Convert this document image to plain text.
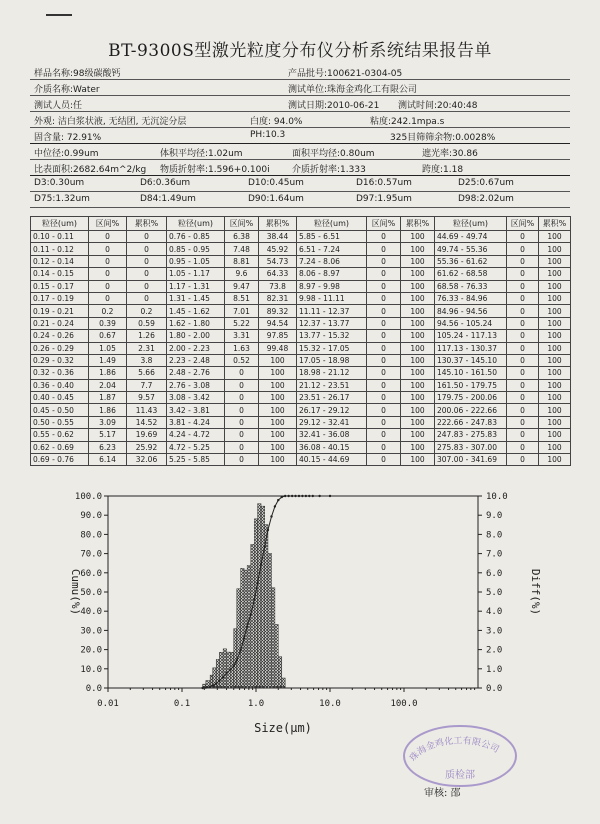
BT-9300S型激光粒度分布仪分析系统结果报告单
样品名称:98级碳酸钙	产品批号:100621-0304-05
介质名称:Water	测试单位:珠海金鸡化工有限公司
测试人员:任	测试日期:2010-06-21 测试时间:20:40:48
外观: 洁白浆状液, 无结团, 无沉淀分层	白度: 94.0%	粘度:242.1mpa.s
固含量: 72.91%	PH:10.3	325目筛筛余物:0.0028%
中位径:0.99um	体积平均径:1.02um	面积平均径:0.80um	遮光率:30.86
比表面积:2682.64m^2/kg 物质折射率:1.596+0.100i 介质折射率:1.333	跨度:1.18
D3:0.30um	D6:0.36um	D10:0.45um	D16:0.57um	D25:0.67um
D75:1.32um	D84:1.49um	D90:1.64um	D97:1.95um	D98:2.02um
粒径(um)	区间%	累积%	粒径(um)	区间%	累积%	粒径(um)	区间%	累积%	粒径(um)	区间%	累积%
0.10 - 0.11	0	0	0.76 - 0.85	6.38	38.44	5.85 - 6.51	0	100	44.69 - 49.74	0	100
0.11 - 0.12	0	0	0.85 - 0.95	7.48	45.92	6.51 - 7.24	0	100	49.74 - 55.36	0	100
0.12 - 0.14	0	0	0.95 - 1.05	8.81	54.73	7.24 - 8.06	0	100	55.36 - 61.62	0	100
0.14 - 0.15	0	0	1.05 - 1.17	9.6	64.33	8.06 - 8.97	0	100	61.62 - 68.58	0	100
0.15 - 0.17	0	0	1.17 - 1.31	9.47	73.8	8.97 - 9.98	0	100	68.58 - 76.33	0	100
0.17 - 0.19	0	0	1.31 - 1.45	8.51	82.31	9.98 - 11.11	0	100	76.33 - 84.96	0	100
0.19 - 0.21	0.2	0.2	1.45 - 1.62	7.01	89.32	11.11 - 12.37	0	100	84.96 - 94.56	0	100
0.21 - 0.24	0.39	0.59	1.62 - 1.80	5.22	94.54	12.37 - 13.77	0	100	94.56 - 105.24	0	100
0.24 - 0.26	0.67	1.26	1.80 - 2.00	3.31	97.85	13.77 - 15.32	0	100	105.24 - 117.13	0	100
0.26 - 0.29	1.05	2.31	2.00 - 2.23	1.63	99.48	15.32 - 17.05	0	100	117.13 - 130.37	0	100
0.29 - 0.32	1.49	3.8	2.23 - 2.48	0.52	100	17.05 - 18.98	0	100	130.37 - 145.10	0	100
0.32 - 0.36	1.86	5.66	2.48 - 2.76	0	100	18.98 - 21.12	0	100	145.10 - 161.50	0	100
0.36 - 0.40	2.04	7.7	2.76 - 3.08	0	100	21.12 - 23.51	0	100	161.50 - 179.75	0	100
0.40 - 0.45	1.87	9.57	3.08 - 3.42	0	100	23.51 - 26.17	0	100	179.75 - 200.06	0	100
0.45 - 0.50	1.86	11.43	3.42 - 3.81	0	100	26.17 - 29.12	0	100	200.06 - 222.66	0	100
0.50 - 0.55	3.09	14.52	3.81 - 4.24	0	100	29.12 - 32.41	0	100	222.66 - 247.83	0	100
0.55 - 0.62	5.17	19.69	4.24 - 4.72	0	100	32.41 - 36.08	0	100	247.83 - 275.83	0	100
0.62 - 0.69	6.23	25.92	4.72 - 5.25	0	100	36.08 - 40.15	0	100	275.83 - 307.00	0	100
0.69 - 0.76	6.14	32.06	5.25 - 5.85	0	100	40.15 - 44.69	0	100	307.00 - 341.69	0	100
0.0
10.0
20.0
30.0
40.0
50.0
60.0
70.0
80.0
90.0
100.0
0.0
1.0
2.0
3.0
4.0
5.0
6.0
7.0
8.0
9.0
10.0
0.01	0.1	1.0	10.0	100.0
Size(μm)
Cumu(%)	Diff(%)
珠海金鸡化工有限公司
质检部
审核: 邵
